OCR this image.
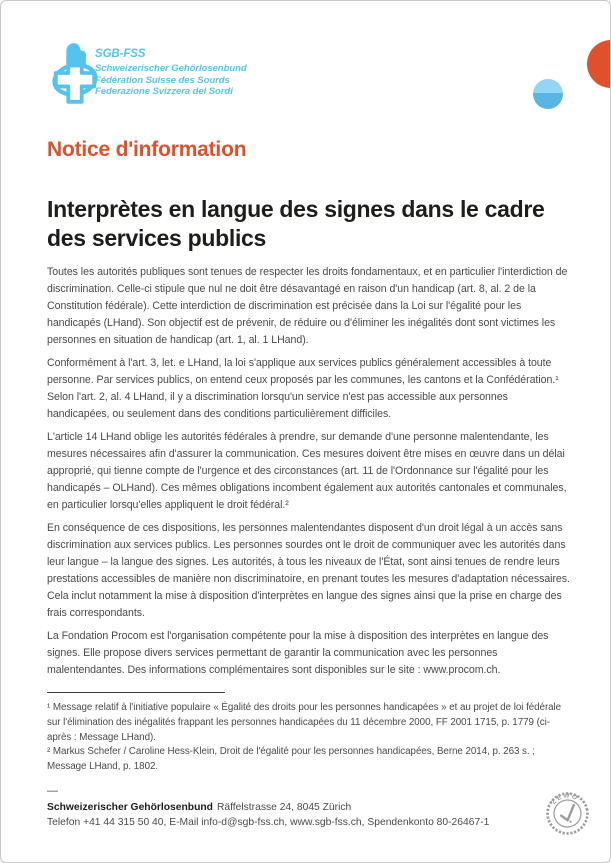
SGB-FSS
Schweizerischer Gehörlosenbund
Fédération Suisse des Sourds
Federazione Svizzera dei Sordi
Notice d'information
Interprètes en langue des signes dans le cadre des services publics

Toutes les autorités publiques sont tenues de respecter les droits fondamentaux, et en particulier l'interdiction de discrimination. Celle-ci stipule que nul ne doit être désavantagé en raison d'un handicap (art. 8, al. 2 de la Constitution fédérale). Cette interdiction de discrimination est précisée dans la Loi sur l'égalité pour les handicapés (LHand). Son objectif est de prévenir, de réduire ou d'éliminer les inégalités dont sont victimes les personnes en situation de handicap (art. 1, al. 1 LHand).

Conformément à l'art. 3, let. e LHand, la loi s'applique aux services publics généralement accessibles à toute personne. Par services publics, on entend ceux proposés par les communes, les cantons et la Confédération.¹ Selon l'art. 2, al. 4 LHand, il y a discrimination lorsqu'un service n'est pas accessible aux personnes handicapées, ou seulement dans des conditions particulièrement difficiles.

L'article 14 LHand oblige les autorités fédérales à prendre, sur demande d'une personne malentendante, les mesures nécessaires afin d'assurer la communication. Ces mesures doivent être mises en œuvre dans un délai approprié, qui tienne compte de l'urgence et des circonstances (art. 11 de l'Ordonnance sur l'égalité pour les handicapés – OLHand). Ces mêmes obligations incombent également aux autorités cantonales et communales, en particulier lorsqu'elles appliquent le droit fédéral.²

En conséquence de ces dispositions, les personnes malentendantes disposent d'un droit légal à un accès sans discrimination aux services publics. Les personnes sourdes ont le droit de communiquer avec les autorités dans leur langue – la langue des signes. Les autorités, à tous les niveaux de l'État, sont ainsi tenues de rendre leurs prestations accessibles de manière non discriminatoire, en prenant toutes les mesures d'adaptation nécessaires. Cela inclut notamment la mise à disposition d'interprètes en langue des signes ainsi que la prise en charge des frais correspondants.

La Fondation Procom est l'organisation compétente pour la mise à disposition des interprètes en langue des signes. Elle propose divers services permettant de garantir la communication avec les personnes malentendantes. Des informations complémentaires sont disponibles sur le site : www.procom.ch.

¹ Message relatif à l'initiative populaire « Égalité des droits pour les personnes handicapées » et au projet de loi fédérale sur l'élimination des inégalités frappant les personnes handicapées du 11 décembre 2000, FF 2001 1715, p. 1779 (ci-après : Message LHand).

² Markus Schefer / Caroline Hess-Klein, Droit de l'égalité pour les personnes handicapées, Berne 2014, p. 263 s. ; Message LHand, p. 1802.

—
Schweizerischer Gehörlosenbund Räffelstrasse 24, 8045 Zürich
Telefon +41 44 315 50 40, E-Mail info-d@sgb-fss.ch, www.sgb-fss.ch, Spendenkonto 80-26467-1
ZEWO
